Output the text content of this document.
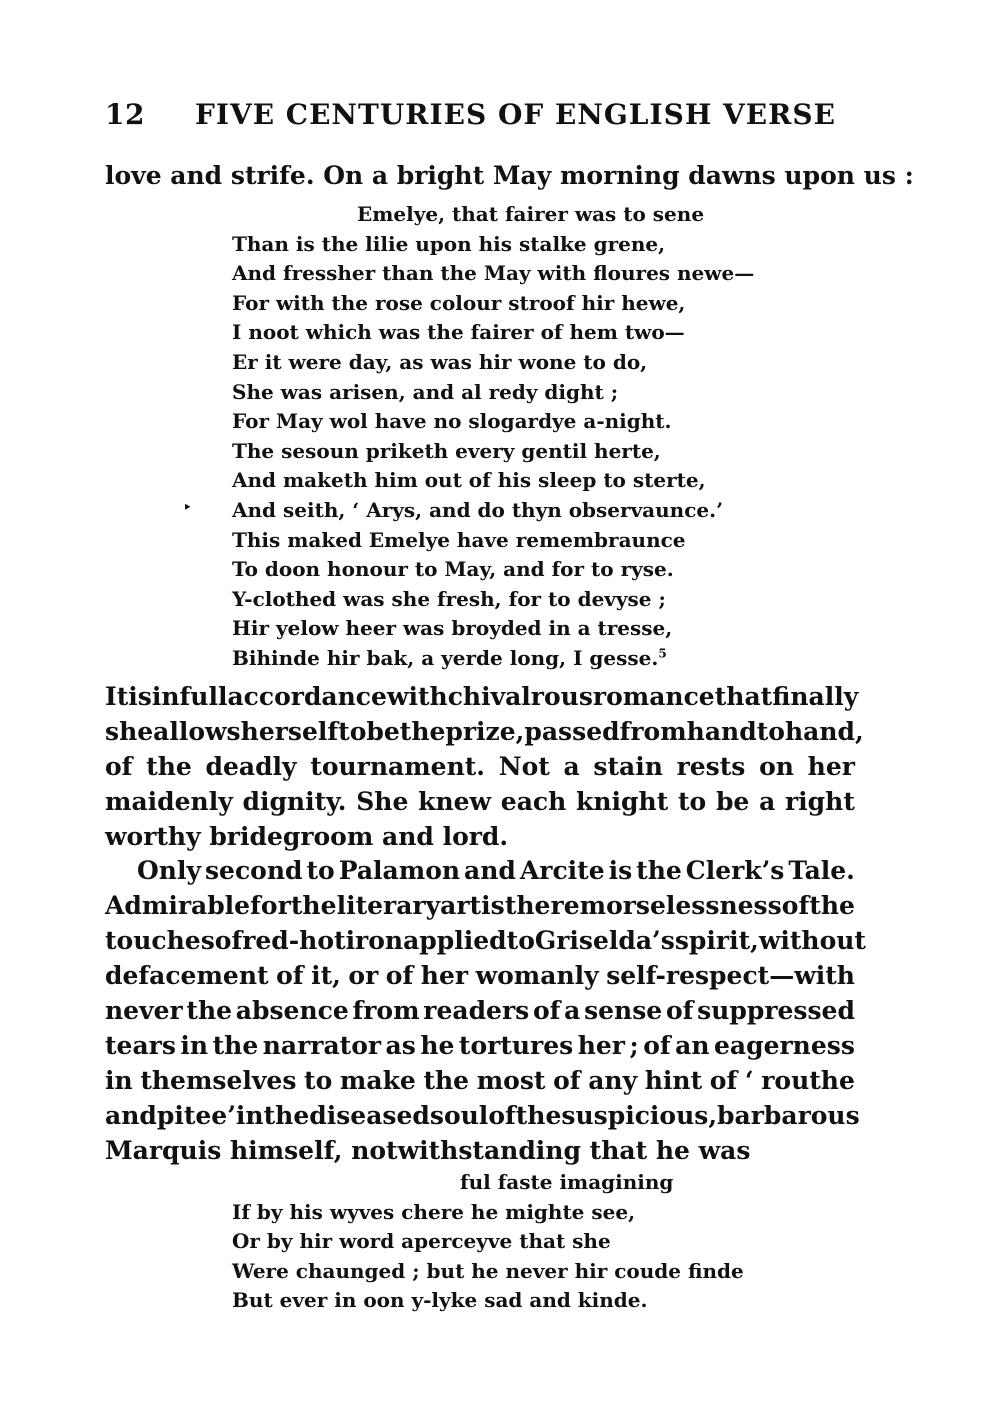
12 FIVE CENTURIES OF ENGLISH VERSE
love and strife. On a bright May morning dawns upon us :
Emelye, that fairer was to sene
Than is the lilie upon his stalke grene,
And fressher than the May with floures newe—
For with the rose colour stroof hir hewe,
I noot which was the fairer of hem two—
Er it were day, as was hir wone to do,
She was arisen, and al redy dight ;
For May wol have no slogardye a-night.
The sesoun priketh every gentil herte,
And maketh him out of his sleep to sterte,
And seith, ‘ Arys, and do thyn observaunce.’
This maked Emelye have remembraunce
To doon honour to May, and for to ryse.
Y-clothed was she fresh, for to devyse ;
Hir yelow heer was broyded in a tresse,
Bihinde hir bak, a yerde long, I gesse.$^5$
‣
It is in full accordance with chivalrous romance that finally
she allows herself to be the prize, passed from hand to hand,
of the deadly tournament. Not a stain rests on her
maidenly dignity. She knew each knight to be a right
worthy bridegroom and lord.
Only second to Palamon and Arcite is the Clerk’s Tale.
Admirable for the literary art is the remorselessness of the
touches of red-hot iron applied to Griselda’s spirit, without
defacement of it, or of her womanly self-respect—with
never the absence from readers of a sense of suppressed
tears in the narrator as he tortures her ; of an eagerness
in themselves to make the most of any hint of ‘ routhe
and pitee ’ in the diseased soul of the suspicious, barbarous
Marquis himself, notwithstanding that he was
ful faste imagining
If by his wyves chere he mighte see,
Or by hir word aperceyve that she
Were chaunged ; but he never hir coude finde
But ever in oon y-lyke sad and kinde.
